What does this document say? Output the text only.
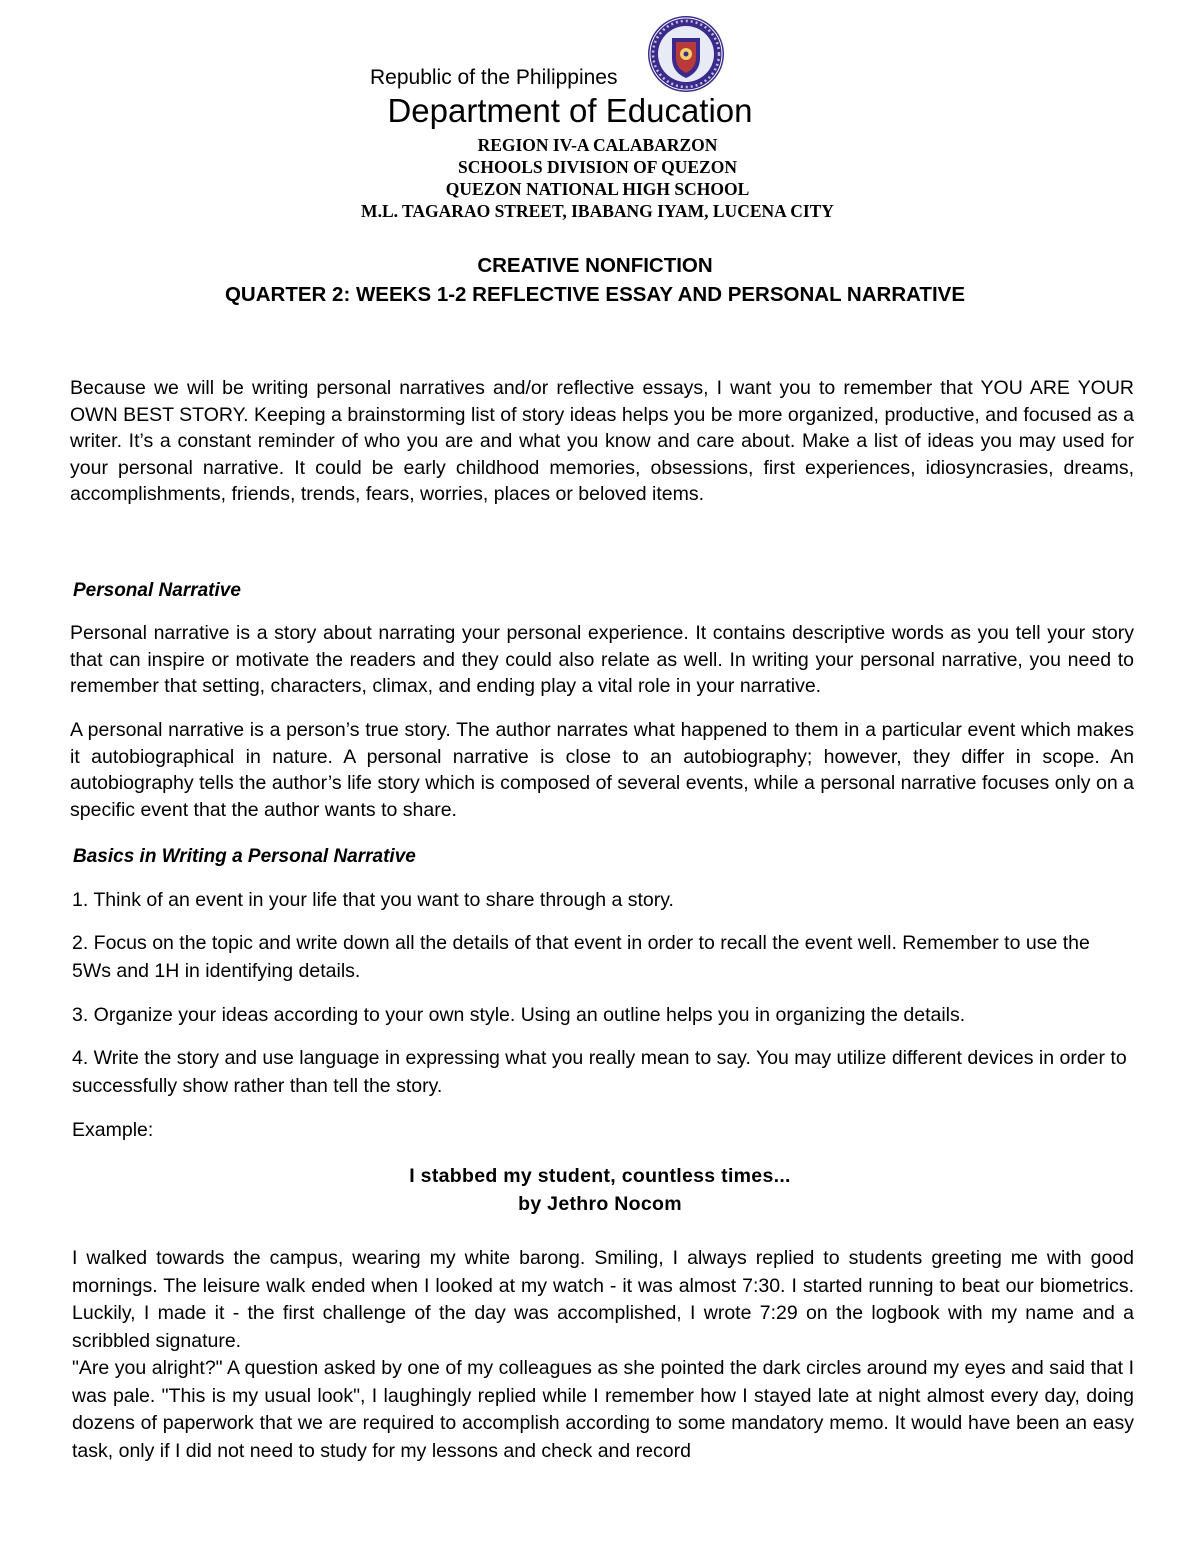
Republic of the Philippines
Department of Education
REGION IV-A CALABARZON
SCHOOLS DIVISION OF QUEZON
QUEZON NATIONAL HIGH SCHOOL
M.L. TAGARAO STREET, IBABANG IYAM, LUCENA CITY
CREATIVE NONFICTION
QUARTER 2: WEEKS 1-2 REFLECTIVE ESSAY AND PERSONAL NARRATIVE

Because we will be writing personal narratives and/or reflective essays, I want you to remember that YOU ARE YOUR OWN BEST STORY. Keeping a brainstorming list of story ideas helps you be more organized, productive, and focused as a writer. It’s a constant reminder of who you are and what you know and care about. Make a list of ideas you may used for your personal narrative. It could be early childhood memories, obsessions, first experiences, idiosyncrasies, dreams, accomplishments, friends, trends, fears, worries, places or beloved items.

Personal Narrative

Personal narrative is a story about narrating your personal experience. It contains descriptive words as you tell your story that can inspire or motivate the readers and they could also relate as well. In writing your personal narrative, you need to remember that setting, characters, climax, and ending play a vital role in your narrative.

A personal narrative is a person’s true story. The author narrates what happened to them in a particular event which makes it autobiographical in nature. A personal narrative is close to an autobiography; however, they differ in scope. An autobiography tells the author’s life story which is composed of several events, while a personal narrative focuses only on a specific event that the author wants to share.

Basics in Writing a Personal Narrative

1. Think of an event in your life that you want to share through a story.

2. Focus on the topic and write down all the details of that event in order to recall the event well. Remember to use the 5Ws and 1H in identifying details.

3. Organize your ideas according to your own style. Using an outline helps you in organizing the details.

4. Write the story and use language in expressing what you really mean to say. You may utilize different devices in order to successfully show rather than tell the story.

Example:

I stabbed my student, countless times...
by Jethro Nocom

I walked towards the campus, wearing my white barong. Smiling, I always replied to students greeting me with good mornings. The leisure walk ended when I looked at my watch - it was almost 7:30. I started running to beat our biometrics. Luckily, I made it - the first challenge of the day was accomplished, I wrote 7:29 on the logbook with my name and a scribbled signature.

"Are you alright?" A question asked by one of my colleagues as she pointed the dark circles around my eyes and said that I was pale. "This is my usual look", I laughingly replied while I remember how I stayed late at night almost every day, doing dozens of paperwork that we are required to accomplish according to some mandatory memo. It would have been an easy task, only if I did not need to study for my lessons and check and record
